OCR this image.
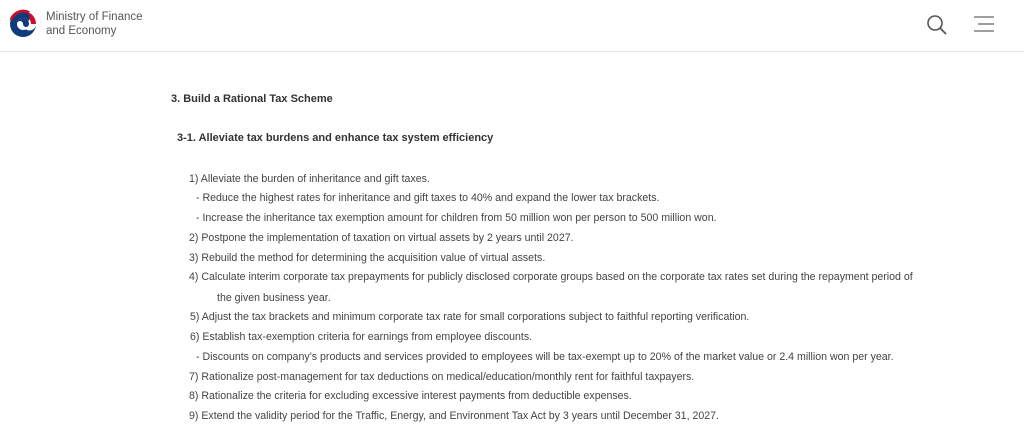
Ministry of Finance
and Economy
3. Build a Rational Tax Scheme
3-1. Alleviate tax burdens and enhance tax system efficiency
1) Alleviate the burden of inheritance and gift taxes.
- Reduce the highest rates for inheritance and gift taxes to 40% and expand the lower tax brackets.
- Increase the inheritance tax exemption amount for children from 50 million won per person to 500 million won.
2) Postpone the implementation of taxation on virtual assets by 2 years until 2027.
3) Rebuild the method for determining the acquisition value of virtual assets.
4) Calculate interim corporate tax prepayments for publicly disclosed corporate groups based on the corporate tax rates set during the repayment period of
the given business year.
5) Adjust the tax brackets and minimum corporate tax rate for small corporations subject to faithful reporting verification.
6) Establish tax-exemption criteria for earnings from employee discounts.
- Discounts on company’s products and services provided to employees will be tax-exempt up to 20% of the market value or 2.4 million won per year.
7) Rationalize post-management for tax deductions on medical/education/monthly rent for faithful taxpayers.
8) Rationalize the criteria for excluding excessive interest payments from deductible expenses.
9) Extend the validity period for the Traffic, Energy, and Environment Tax Act by 3 years until December 31, 2027.
